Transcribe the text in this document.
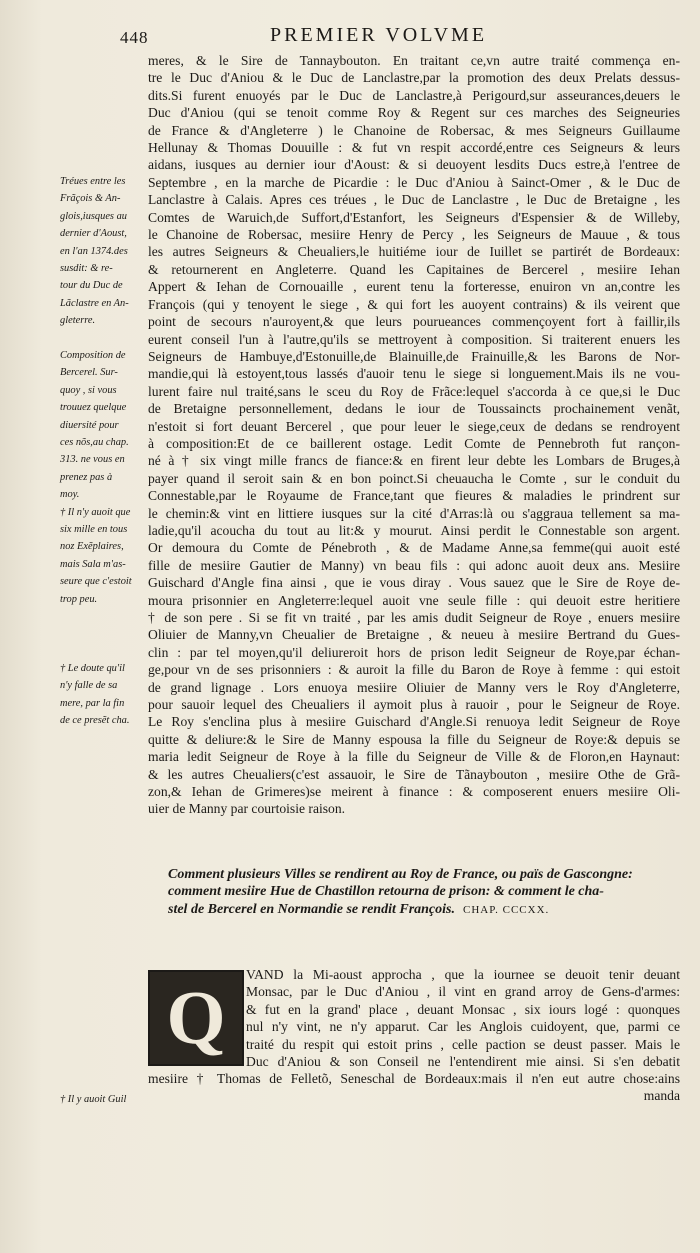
448	PREMIER VOLVME
meres, & le Sire de Tannaybouton. En traitant ce,vn autre traité commença en-
tre le Duc d'Aniou & le Duc de Lanclastre,par la promotion des deux Prelats dessus-
dits.Si furent enuoyés par le Duc de Lanclastre,à Perigourd,sur asseurances,deuers le
Duc d'Aniou (qui se tenoit comme Roy & Regent sur ces marches des Seigneuries
de France & d'Angleterre ) le Chanoine de Robersac, & mes Seigneurs Guillaume
Hellunay & Thomas Douuille : & fut vn respit accordé,entre ces Seigneurs & leurs
aidans, iusques au dernier iour d'Aoust: & si deuoyent lesdits Ducs estre,à l'entree de
Septembre , en la marche de Picardie : le Duc d'Aniou à Sainct-Omer , & le Duc de
Lanclastre à Calais. Apres ces tréues , le Duc de Lanclastre , le Duc de Bretaigne , les
Comtes de Waruich,de Suffort,d'Estanfort, les Seigneurs d'Espensier & de Willeby,
le Chanoine de Robersac, mesiire Henry de Percy , les Seigneurs de Mauue , & tous
les autres Seigneurs & Cheualiers,le huitiéme iour de Iuillet se partirét de Bordeaux:
& retournerent en Angleterre. Quand les Capitaines de Bercerel , mesiire Iehan
Appert & Iehan de Cornouaille , eurent tenu la forteresse, enuiron vn an,contre les
François (qui y tenoyent le siege , & qui fort les auoyent contrains) & ils veirent que
point de secours n'auroyent,& que leurs pourueances commençoyent fort à faillir,ils
eurent conseil l'un à l'autre,qu'ils se mettroyent à composition. Si traiterent enuers les
Seigneurs de Hambuye,d'Estonuille,de Blainuille,de Frainuille,& les Barons de Nor-
mandie,qui là estoyent,tous lassés d'auoir tenu le siege si longuement.Mais ils ne vou-
lurent faire nul traité,sans le sceu du Roy de Frãce:lequel s'accorda à ce que,si le Duc
de Bretaigne personnellement, dedans le iour de Toussaincts prochainement venãt,
n'estoit si fort deuant Bercerel , que pour leuer le siege,ceux de dedans se rendroyent
à composition:Et de ce baillerent ostage. Ledit Comte de Pennebroth fut rançon-
né à † six vingt mille francs de fiance:& en firent leur debte les Lombars de Bruges,à
payer quand il seroit sain & en bon poinct.Si cheuaucha le Comte , sur le conduit du
Connestable,par le Royaume de France,tant que fieures & maladies le prindrent sur
le chemin:& vint en littiere iusques sur la cité d'Arras:là ou s'aggraua tellement sa ma-
ladie,qu'il acoucha du tout au lit:& y mourut. Ainsi perdit le Connestable son argent.
Or demoura du Comte de Pénebroth , & de Madame Anne,sa femme(qui auoit esté
fille de mesiire Gautier de Manny) vn beau fils : qui adonc auoit deux ans. Mesiire
Guischard d'Angle fina ainsi , que ie vous diray . Vous sauez que le Sire de Roye de-
moura prisonnier en Angleterre:lequel auoit vne seule fille : qui deuoit estre heritiere
† de son pere . Si se fit vn traité , par les amis dudit Seigneur de Roye , enuers mesiire
Oliuier de Manny,vn Cheualier de Bretaigne , & neueu à mesiire Bertrand du Gues-
clin : par tel moyen,qu'il deliureroit hors de prison ledit Seigneur de Roye,par échan-
ge,pour vn de ses prisonniers : & auroit la fille du Baron de Roye à femme : qui estoit
de grand lignage . Lors enuoya mesiire Oliuier de Manny vers le Roy d'Angleterre,
pour sauoir lequel des Cheualiers il aymoit plus à rauoir , pour le Seigneur de Roye.
Le Roy s'enclina plus à mesiire Guischard d'Angle.Si renuoya ledit Seigneur de Roye
quitte & deliure:& le Sire de Manny espousa la fille du Seigneur de Roye:& depuis se
maria ledit Seigneur de Roye à la fille du Seigneur de Ville & de Floron,en Haynaut:
& les autres Cheualiers(c'est assauoir, le Sire de Tãnaybouton , mesiire Othe de Grã-
zon,& Iehan de Grimeres)se meirent à finance : & composerent enuers mesiire Oli-
uier de Manny par courtoisie raison.
Tréues entre les
Frãçois & An-
glois,iusques au
dernier d'Aoust,
en l'an 1374.des
susdit: & re-
tour du Duc de
Lãclastre en An-
gleterre.
Composition de
Bercerel. Sur-
quoy , si vous
trouuez quelque
diuersité pour
ces nõs,au chap.
313. ne vous en
prenez pas à
moy.
† Il n'y auoit que
six mille en tous
noz Exẽplaires,
mais Sala m'as-
seure que c'estoit
trop peu.
† Le doute qu'il
n'y falle de sa
mere, par la fin
de ce presẽt cha.
† Il y auoit Guil
Comment plusieurs Villes se rendirent au Roy de France, ou païs de Gascongne:
comment mesiire Hue de Chastillon retourna de prison: & comment le cha-
stel de Bercerel en Normandie se rendit François. CHAP. CCCXX.
Q
VAND la Mi-aoust approcha , que la iournee se deuoit tenir deuant
Monsac, par le Duc d'Aniou , il vint en grand arroy de Gens-d'armes:
& fut en la grand' place , deuant Monsac , six iours logé : quonques
nul n'y vint, ne n'y apparut. Car les Anglois cuidoyent, que, parmi ce
traité du respit qui estoit prins , celle paction se deust passer. Mais le
Duc d'Aniou & son Conseil ne l'entendirent mie ainsi. Si s'en debatit
mesiire † Thomas de Felletõ, Seneschal de Bordeaux:mais il n'en eut autre chose:ains
manda
